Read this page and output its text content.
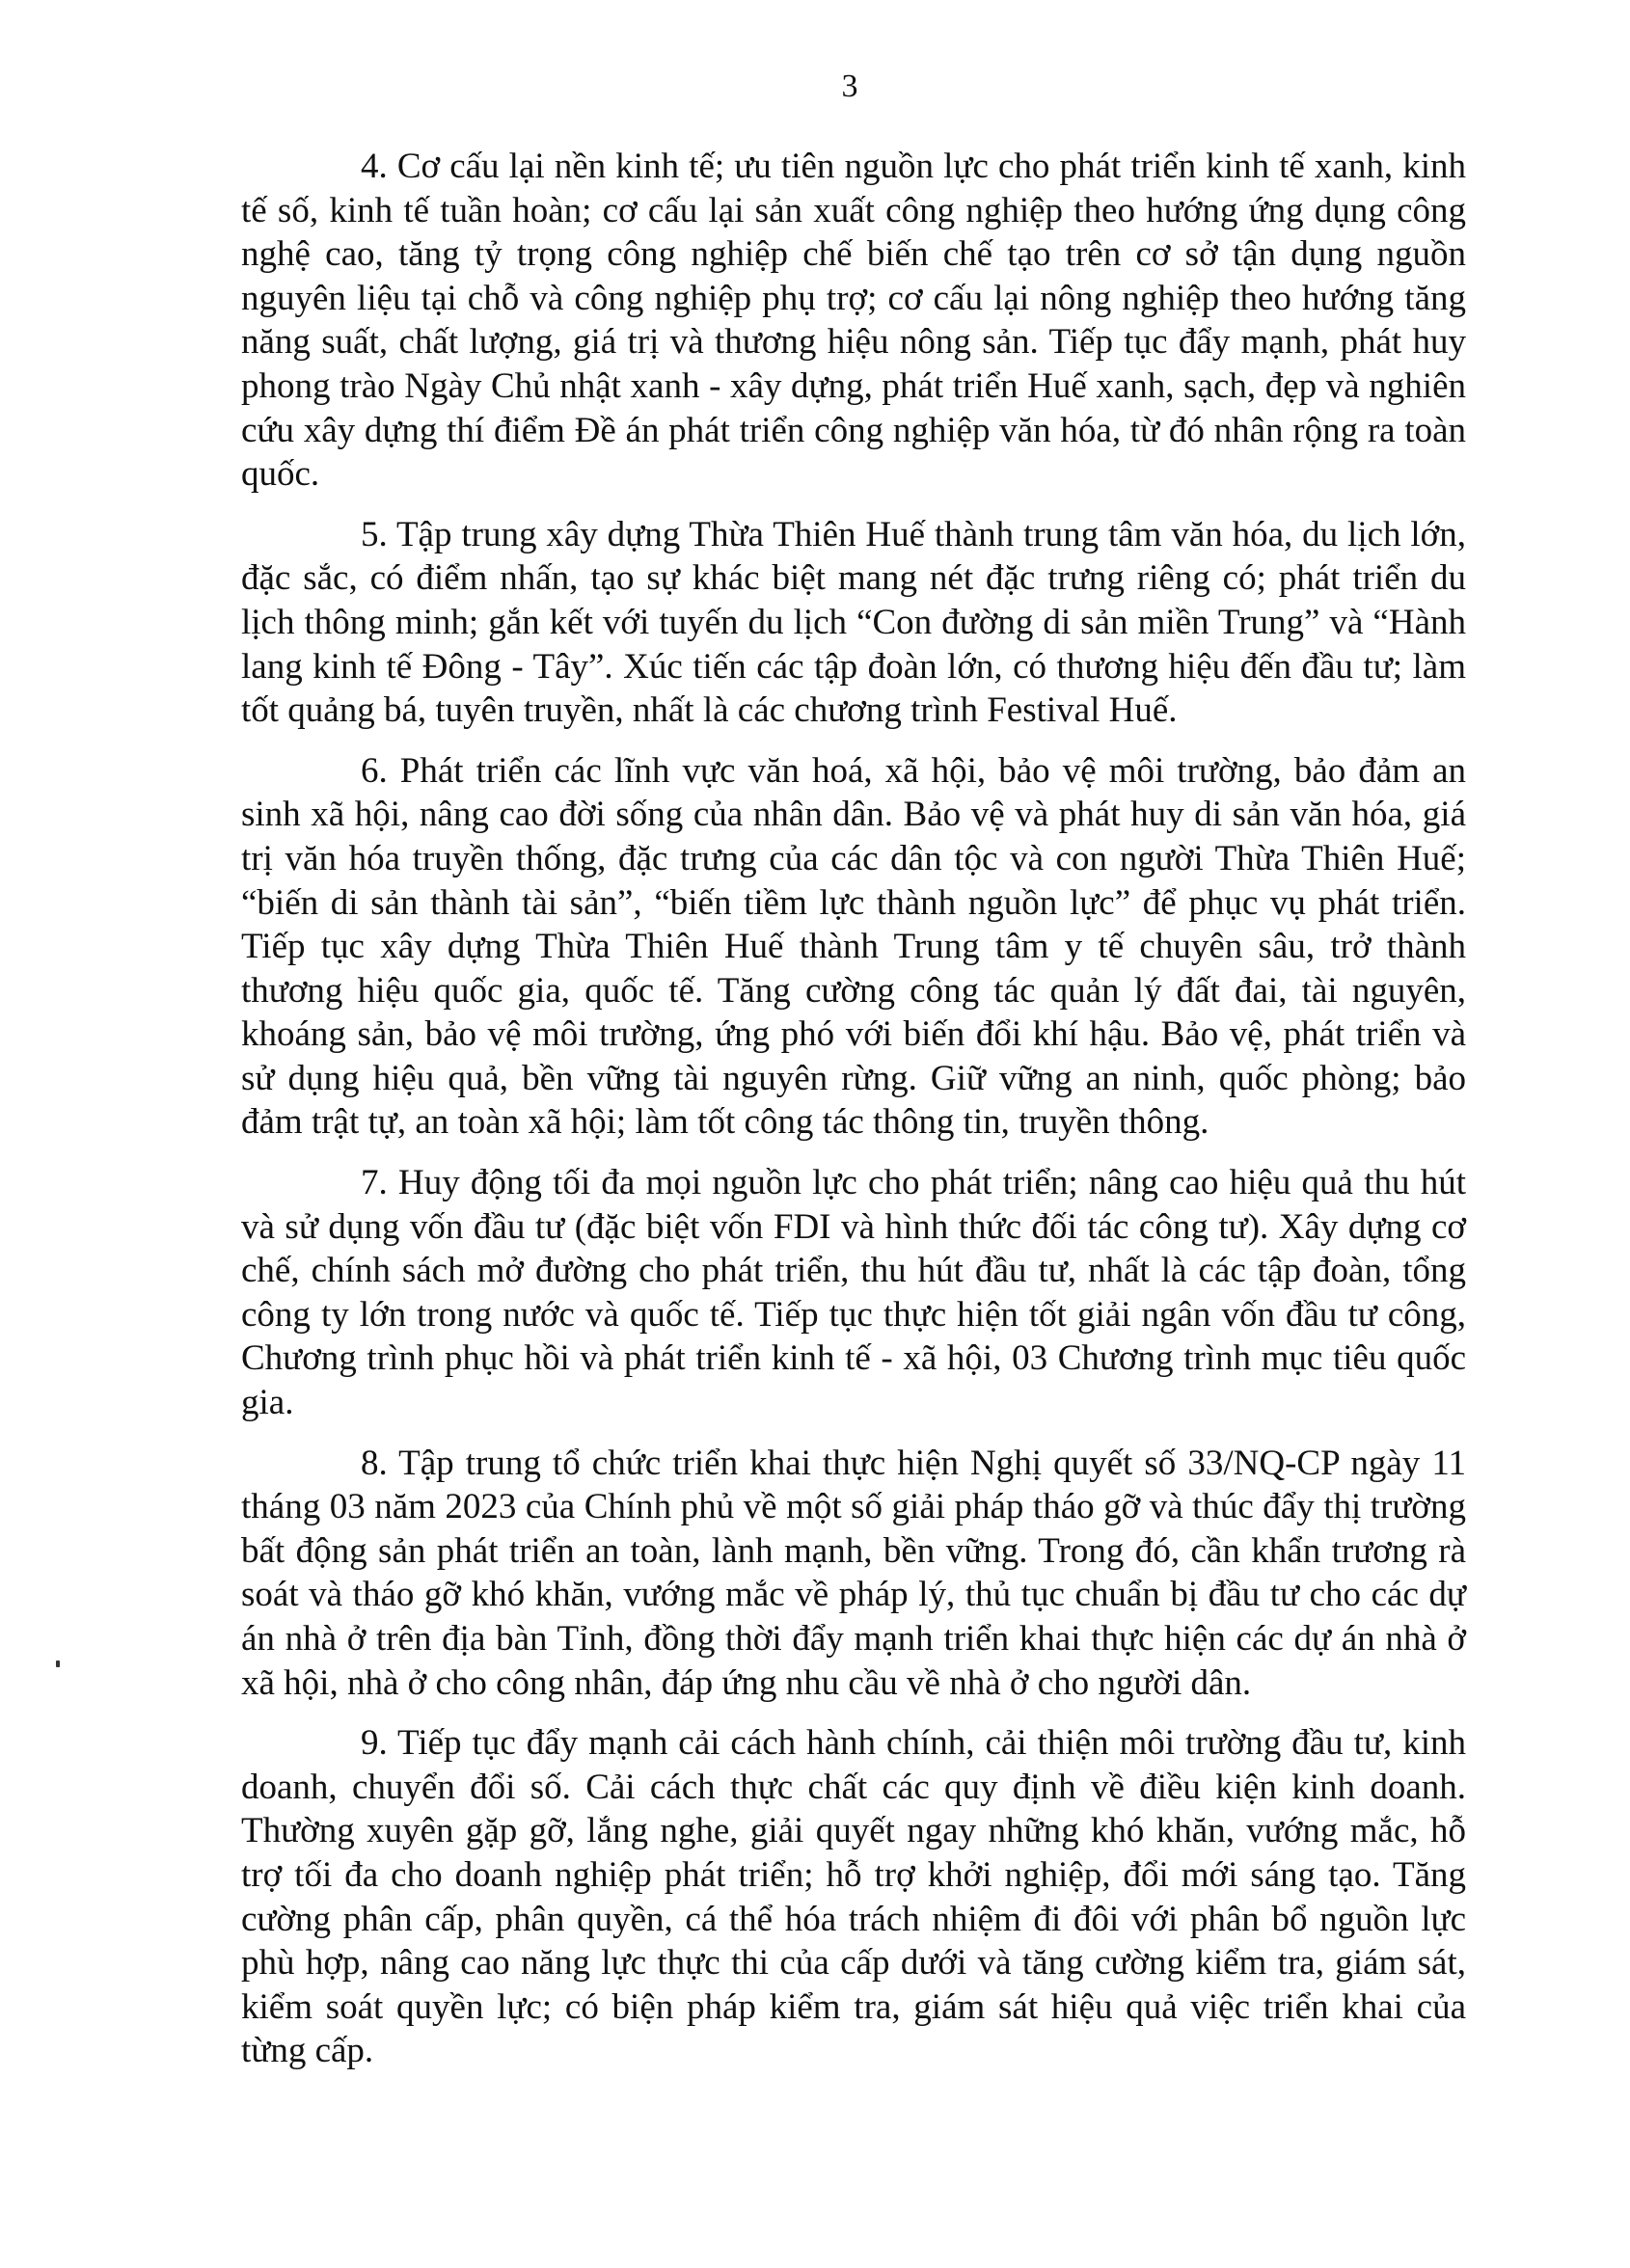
3

4. Cơ cấu lại nền kinh tế; ưu tiên nguồn lực cho phát triển kinh tế xanh, kinh tế số, kinh tế tuần hoàn; cơ cấu lại sản xuất công nghiệp theo hướng ứng dụng công nghệ cao, tăng tỷ trọng công nghiệp chế biến chế tạo trên cơ sở tận dụng nguồn nguyên liệu tại chỗ và công nghiệp phụ trợ; cơ cấu lại nông nghiệp theo hướng tăng năng suất, chất lượng, giá trị và thương hiệu nông sản. Tiếp tục đẩy mạnh, phát huy phong trào Ngày Chủ nhật xanh - xây dựng, phát triển Huế xanh, sạch, đẹp và nghiên cứu xây dựng thí điểm Đề án phát triển công nghiệp văn hóa, từ đó nhân rộng ra toàn quốc.

5. Tập trung xây dựng Thừa Thiên Huế thành trung tâm văn hóa, du lịch lớn, đặc sắc, có điểm nhấn, tạo sự khác biệt mang nét đặc trưng riêng có; phát triển du lịch thông minh; gắn kết với tuyến du lịch “Con đường di sản miền Trung” và “Hành lang kinh tế Đông - Tây”. Xúc tiến các tập đoàn lớn, có thương hiệu đến đầu tư; làm tốt quảng bá, tuyên truyền, nhất là các chương trình Festival Huế.

6. Phát triển các lĩnh vực văn hoá, xã hội, bảo vệ môi trường, bảo đảm an sinh xã hội, nâng cao đời sống của nhân dân. Bảo vệ và phát huy di sản văn hóa, giá trị văn hóa truyền thống, đặc trưng của các dân tộc và con người Thừa Thiên Huế; “biến di sản thành tài sản”, “biến tiềm lực thành nguồn lực” để phục vụ phát triển. Tiếp tục xây dựng Thừa Thiên Huế thành Trung tâm y tế chuyên sâu, trở thành thương hiệu quốc gia, quốc tế. Tăng cường công tác quản lý đất đai, tài nguyên, khoáng sản, bảo vệ môi trường, ứng phó với biến đổi khí hậu. Bảo vệ, phát triển và sử dụng hiệu quả, bền vững tài nguyên rừng. Giữ vững an ninh, quốc phòng; bảo đảm trật tự, an toàn xã hội; làm tốt công tác thông tin, truyền thông.

7. Huy động tối đa mọi nguồn lực cho phát triển; nâng cao hiệu quả thu hút và sử dụng vốn đầu tư (đặc biệt vốn FDI và hình thức đối tác công tư). Xây dựng cơ chế, chính sách mở đường cho phát triển, thu hút đầu tư, nhất là các tập đoàn, tổng công ty lớn trong nước và quốc tế. Tiếp tục thực hiện tốt giải ngân vốn đầu tư công, Chương trình phục hồi và phát triển kinh tế - xã hội, 03 Chương trình mục tiêu quốc gia.

8. Tập trung tổ chức triển khai thực hiện Nghị quyết số 33/NQ-CP ngày 11 tháng 03 năm 2023 của Chính phủ về một số giải pháp tháo gỡ và thúc đẩy thị trường bất động sản phát triển an toàn, lành mạnh, bền vững. Trong đó, cần khẩn trương rà soát và tháo gỡ khó khăn, vướng mắc về pháp lý, thủ tục chuẩn bị đầu tư cho các dự án nhà ở trên địa bàn Tỉnh, đồng thời đẩy mạnh triển khai thực hiện các dự án nhà ở xã hội, nhà ở cho công nhân, đáp ứng nhu cầu về nhà ở cho người dân.

9. Tiếp tục đẩy mạnh cải cách hành chính, cải thiện môi trường đầu tư, kinh doanh, chuyển đổi số. Cải cách thực chất các quy định về điều kiện kinh doanh. Thường xuyên gặp gỡ, lắng nghe, giải quyết ngay những khó khăn, vướng mắc, hỗ trợ tối đa cho doanh nghiệp phát triển; hỗ trợ khởi nghiệp, đổi mới sáng tạo. Tăng cường phân cấp, phân quyền, cá thể hóa trách nhiệm đi đôi với phân bổ nguồn lực phù hợp, nâng cao năng lực thực thi của cấp dưới và tăng cường kiểm tra, giám sát, kiểm soát quyền lực; có biện pháp kiểm tra, giám sát hiệu quả việc triển khai của từng cấp.
